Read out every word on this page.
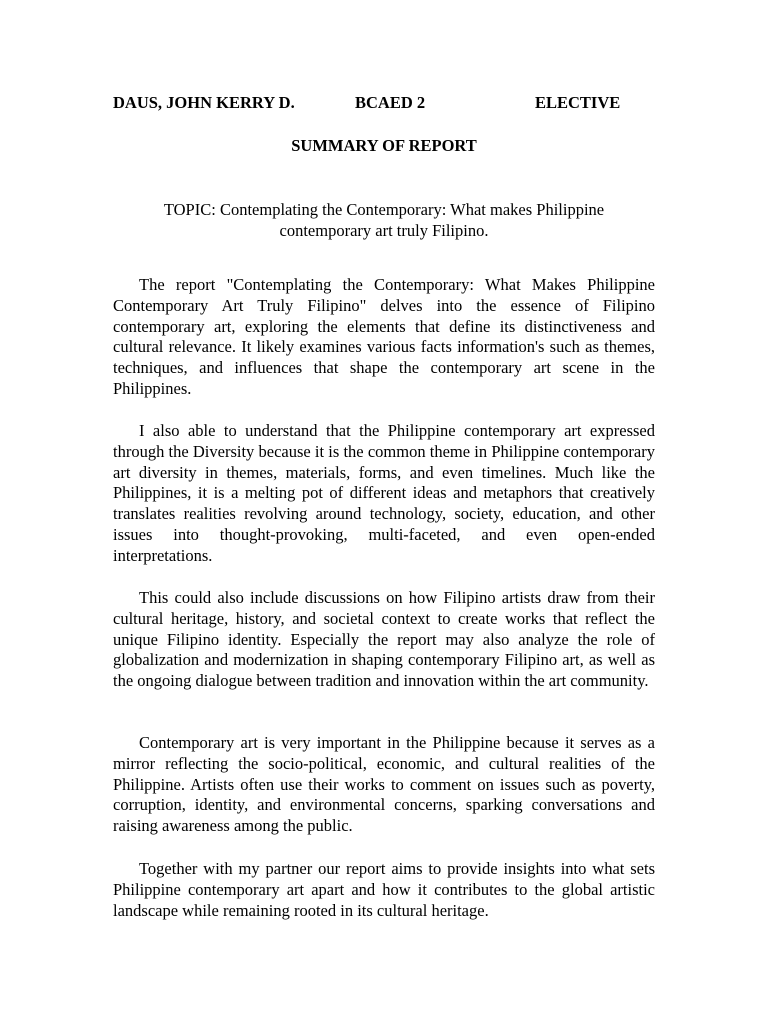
DAUS, JOHN KERRY D.	BCAED 2	ELECTIVE

SUMMARY OF REPORT

TOPIC: Contemplating the Contemporary: What makes Philippine
contemporary art truly Filipino.

The report "Contemplating the Contemporary: What Makes Philippine Contemporary Art Truly Filipino" delves into the essence of Filipino contemporary art, exploring the elements that define its distinctiveness and cultural relevance. It likely examines various facts information's such as themes, techniques, and influences that shape the contemporary art scene in the Philippines.

I also able to understand that the Philippine contemporary art expressed through the Diversity because it is the common theme in Philippine contemporary art diversity in themes, materials, forms, and even timelines. Much like the Philippines, it is a melting pot of different ideas and metaphors that creatively translates realities revolving around technology, society, education, and other issues into thought-provoking, multi-faceted, and even open-ended interpretations.

This could also include discussions on how Filipino artists draw from their cultural heritage, history, and societal context to create works that reflect the unique Filipino identity. Especially the report may also analyze the role of globalization and modernization in shaping contemporary Filipino art, as well as the ongoing dialogue between tradition and innovation within the art community.

Contemporary art is very important in the Philippine because it serves as a mirror reflecting the socio-political, economic, and cultural realities of the Philippine. Artists often use their works to comment on issues such as poverty, corruption, identity, and environmental concerns, sparking conversations and raising awareness among the public.

Together with my partner our report aims to provide insights into what sets Philippine contemporary art apart and how it contributes to the global artistic landscape while remaining rooted in its cultural heritage.
